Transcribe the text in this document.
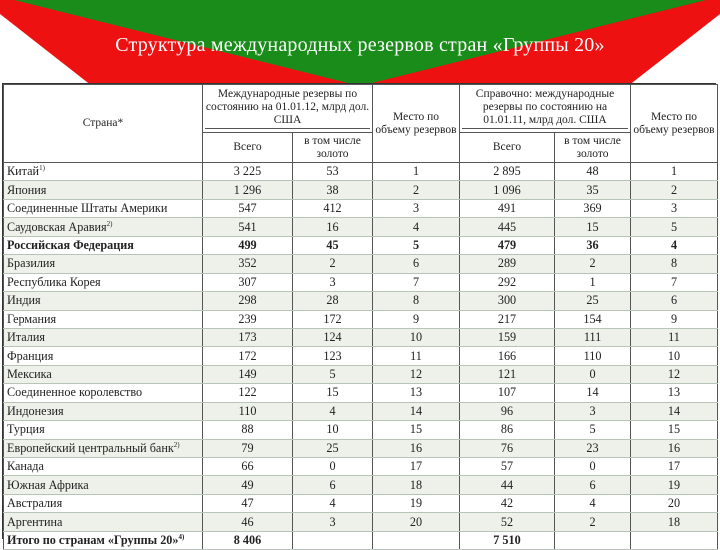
Структура международных резервов стран «Группы 20»
Страна*	Международные резервы по состоянию на 01.01.12, млрд дол. США		Место по объему резервов	Справочно: международные резервы по состоянию на 01.01.11, млрд дол. США		Место по объему резервов
	Всего	в том числе золото		Всего	в том числе золото	
Китай$^{1)}$	3 225	53	1	2 895	48	1
Япония	1 296	38	2	1 096	35	2
Соединенные Штаты Америки	547	412	3	491	369	3
Саудовская Аравия$^{2)}$	541	16	4	445	15	5
Российская Федерация	499	45	5	479	36	4
Бразилия	352	2	6	289	2	8
Республика Корея	307	3	7	292	1	7
Индия	298	28	8	300	25	6
Германия	239	172	9	217	154	9
Италия	173	124	10	159	111	11
Франция	172	123	11	166	110	10
Мексика	149	5	12	121	0	12
Соединенное королевство	122	15	13	107	14	13
Индонезия	110	4	14	96	3	14
Турция	88	10	15	86	5	15
Европейский центральный банк$^{2)}$	79	25	16	76	23	16
Канада	66	0	17	57	0	17
Южная Африка	49	6	18	44	6	19
Австралия	47	4	19	42	4	20
Аргентина	46	3	20	52	2	18
Итого по странам «Группы 20»$^{4)}$	8 406			7 510		
